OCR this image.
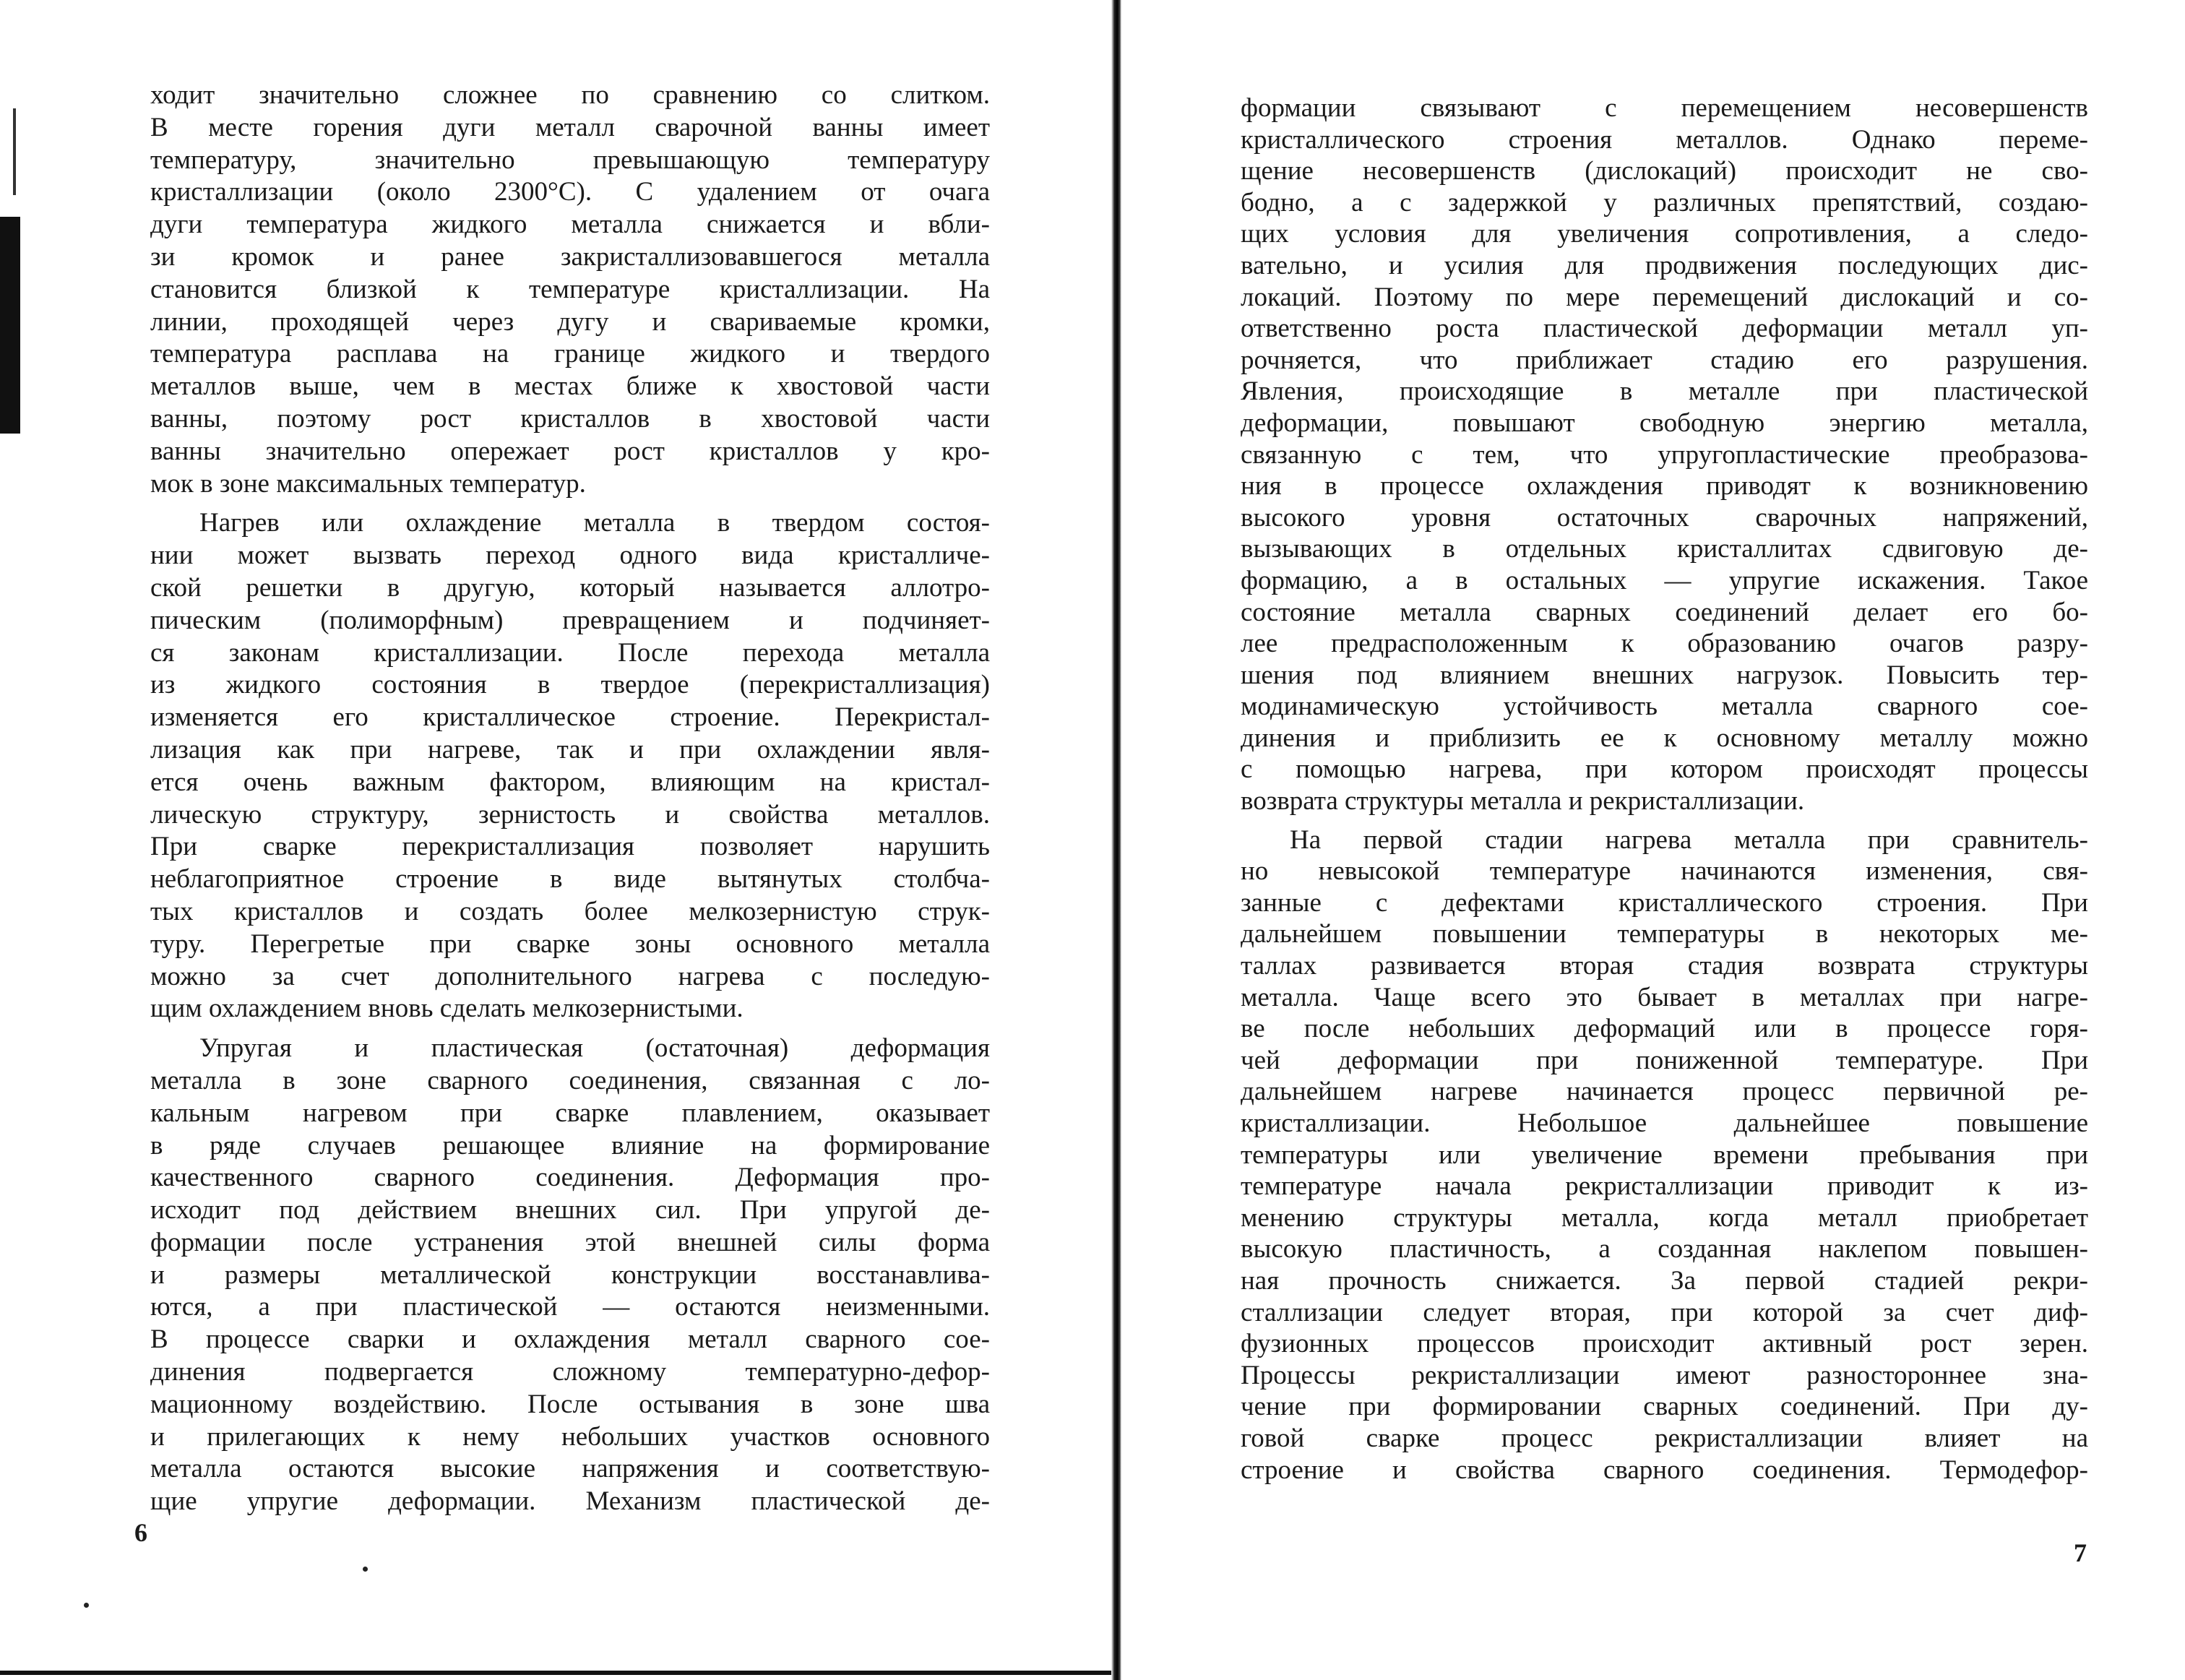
ходит значительно сложнее по сравнению со слитком.
В месте горения дуги металл сварочной ванны имеет
температуру, значительно превышающую температуру
кристаллизации (около 2300°С). С удалением от очага
дуги температура жидкого металла снижается и вбли-
зи кромок и ранее закристаллизовавшегося металла
становится близкой к температуре кристаллизации. На
линии, проходящей через дугу и свариваемые кромки,
температура расплава на границе жидкого и твердого
металлов выше, чем в местах ближе к хвостовой части
ванны, поэтому рост кристаллов в хвостовой части
ванны значительно опережает рост кристаллов у кро-
мок в зоне максимальных температур.
Нагрев или охлаждение металла в твердом состоя-
нии может вызвать переход одного вида кристалличе-
ской решетки в другую, который называется аллотро-
пическим (полиморфным) превращением и подчиняет-
ся законам кристаллизации. После перехода металла
из жидкого состояния в твердое (перекристаллизация)
изменяется его кристаллическое строение. Перекристал-
лизация как при нагреве, так и при охлаждении явля-
ется очень важным фактором, влияющим на кристал-
лическую структуру, зернистость и свойства металлов.
При сварке перекристаллизация позволяет нарушить
неблагоприятное строение в виде вытянутых столбча-
тых кристаллов и создать более мелкозернистую струк-
туру. Перегретые при сварке зоны основного металла
можно за счет дополнительного нагрева с последую-
щим охлаждением вновь сделать мелкозернистыми.
Упругая и пластическая (остаточная) деформация
металла в зоне сварного соединения, связанная с ло-
кальным нагревом при сварке плавлением, оказывает
в ряде случаев решающее влияние на формирование
качественного сварного соединения. Деформация про-
исходит под действием внешних сил. При упругой де-
формации после устранения этой внешней силы форма
и размеры металлической конструкции восстанавлива-
ются, а при пластической — остаются неизменными.
В процессе сварки и охлаждения металл сварного сое-
динения подвергается сложному температурно-дефор-
мационному воздействию. После остывания в зоне шва
и прилегающих к нему небольших участков основного
металла остаются высокие напряжения и соответствую-
щие упругие деформации. Механизм пластической де-
6
формации связывают с перемещением несовершенств
кристаллического строения металлов. Однако переме-
щение несовершенств (дислокаций) происходит не сво-
бодно, а с задержкой у различных препятствий, создаю-
щих условия для увеличения сопротивления, а следо-
вательно, и усилия для продвижения последующих дис-
локаций. Поэтому по мере перемещений дислокаций и со-
ответственно роста пластической деформации металл уп-
рочняется, что приближает стадию его разрушения.
Явления, происходящие в металле при пластической
деформации, повышают свободную энергию металла,
связанную с тем, что упругопластические преобразова-
ния в процессе охлаждения приводят к возникновению
высокого уровня остаточных сварочных напряжений,
вызывающих в отдельных кристаллитах сдвиговую де-
формацию, а в остальных — упругие искажения. Такое
состояние металла сварных соединений делает его бо-
лее предрасположенным к образованию очагов разру-
шения под влиянием внешних нагрузок. Повысить тер-
модинамическую устойчивость металла сварного сое-
динения и приблизить ее к основному металлу можно
с помощью нагрева, при котором происходят процессы
возврата структуры металла и рекристаллизации.
На первой стадии нагрева металла при сравнитель-
но невысокой температуре начинаются изменения, свя-
занные с дефектами кристаллического строения. При
дальнейшем повышении температуры в некоторых ме-
таллах развивается вторая стадия возврата структуры
металла. Чаще всего это бывает в металлах при нагре-
ве после небольших деформаций или в процессе горя-
чей деформации при пониженной температуре. При
дальнейшем нагреве начинается процесс первичной ре-
кристаллизации. Небольшое дальнейшее повышение
температуры или увеличение времени пребывания при
температуре начала рекристаллизации приводит к из-
менению структуры металла, когда металл приобретает
высокую пластичность, а созданная наклепом повышен-
ная прочность снижается. За первой стадией рекри-
сталлизации следует вторая, при которой за счет диф-
фузионных процессов происходит активный рост зерен.
Процессы рекристаллизации имеют разностороннее зна-
чение при формировании сварных соединений. При ду-
говой сварке процесс рекристаллизации влияет на
строение и свойства сварного соединения. Термодефор-
7
